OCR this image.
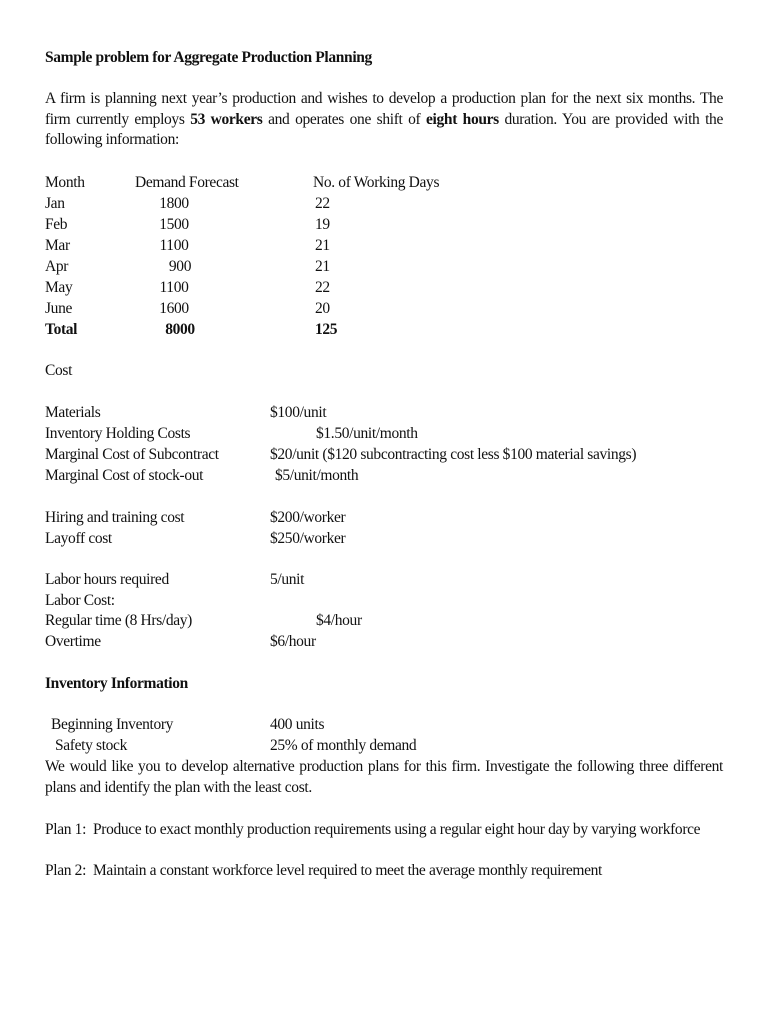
Sample problem for Aggregate Production Planning
A firm is planning next year’s production and wishes to develop a production plan for the next six months. The firm currently employs 53 workers and operates one shift of eight hours duration. You are provided with the following information:
Month	Demand Forecast	No. of Working Days
Jan	1800	22
Feb	1500	19
Mar	1100	21
Apr	900	21
May	1100	22
June	1600	20
Total	8000	125
Cost
Materials	$100/unit
Inventory Holding Costs	$1.50/unit/month
Marginal Cost of Subcontract	$20/unit ($120 subcontracting cost less $100 material savings)
Marginal Cost of stock-out	$5/unit/month
Hiring and training cost	$200/worker
Layoff cost	$250/worker
Labor hours required	5/unit
Labor Cost:
Regular time (8 Hrs/day)	$4/hour
Overtime	$6/hour
Inventory Information
Beginning Inventory	400 units
Safety stock	25% of monthly demand
We would like you to develop alternative production plans for this firm. Investigate the following three different plans and identify the plan with the least cost.
Plan 1: Produce to exact monthly production requirements using a regular eight hour day by varying workforce
Plan 2: Maintain a constant workforce level required to meet the average monthly requirement
